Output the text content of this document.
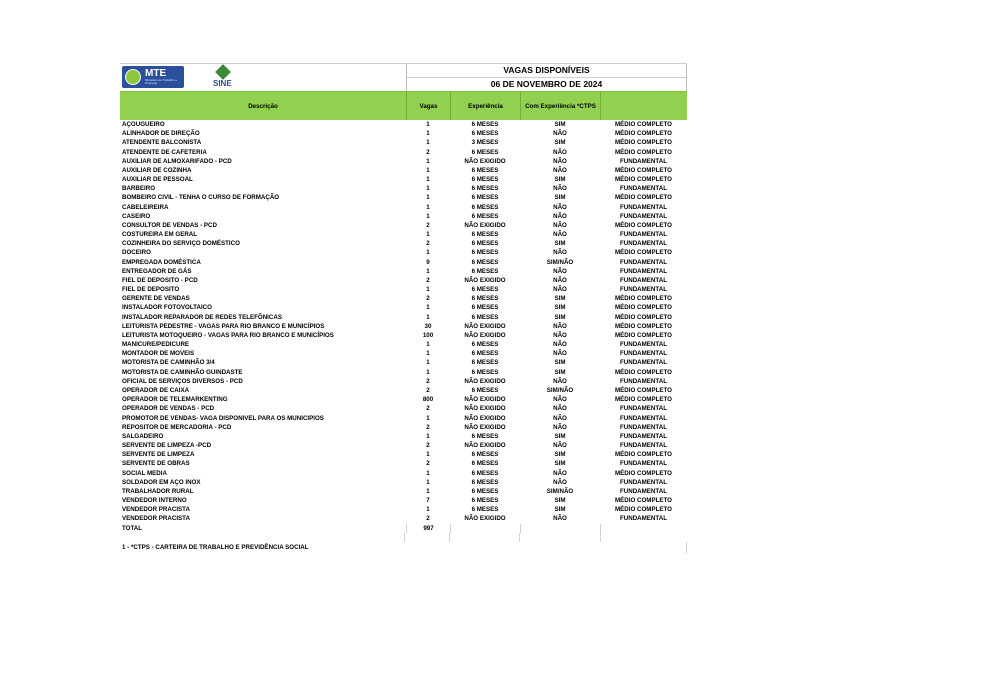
MTE
Ministério do Trabalho e Emprego	SINE
VAGAS DISPONÍVEIS
06 DE NOVEMBRO DE 2024
Descrição	Vagas	Experiência	Com Experiência *CTPS
AÇOUGUEIRO	1	6 MESES	SIM	MÉDIO COMPLETO
ALINHADOR DE DIREÇÃO	1	6 MESES	NÃO	MÉDIO COMPLETO
ATENDENTE BALCONISTA	1	3 MESES	SIM	MÉDIO COMPLETO
ATENDENTE DE CAFETERIA	2	6 MESES	NÃO	MÉDIO COMPLETO
AUXILIAR DE ALMOXARIFADO - PCD	1	NÃO EXIGIDO	NÃO	FUNDAMENTAL
AUXILIAR DE COZINHA	1	6 MESES	NÃO	MÉDIO COMPLETO
AUXILIAR DE PESSOAL	1	6 MESES	SIM	MÉDIO COMPLETO
BARBEIRO	1	6 MESES	NÃO	FUNDAMENTAL
BOMBEIRO CIVIL - TENHA O CURSO DE FORMAÇÃO	1	6 MESES	SIM	MÉDIO COMPLETO
CABELEIREIRA	1	6 MESES	NÃO	FUNDAMENTAL
CASEIRO	1	6 MESES	NÃO	FUNDAMENTAL
CONSULTOR DE VENDAS - PCD	2	NÃO EXIGIDO	NÃO	MÉDIO COMPLETO
COSTUREIRA EM GERAL	1	6 MESES	NÃO	FUNDAMENTAL
COZINHEIRA DO SERVIÇO DOMÉSTICO	2	6 MESES	SIM	FUNDAMENTAL
DOCEIRO	1	6 MESES	NÃO	MÉDIO COMPLETO
EMPREGADA DOMÉSTICA	9	6 MESES	SIM/NÃO	FUNDAMENTAL
ENTREGADOR DE GÁS	1	6 MESES	NÃO	FUNDAMENTAL
FIEL DE DEPOSITO - PCD	2	NÃO EXIGIDO	NÃO	FUNDAMENTAL
FIEL DE DEPOSITO	1	6 MESES	NÃO	FUNDAMENTAL
GERENTE DE VENDAS	2	6 MESES	SIM	MÉDIO COMPLETO
INSTALADOR FOTOVOLTAICO	1	6 MESES	SIM	MÉDIO COMPLETO
INSTALADOR REPARADOR DE REDES TELEFÔNICAS	1	6 MESES	SIM	MÉDIO COMPLETO
LEITURISTA PEDESTRE - VAGAS PARA RIO BRANCO E MUNICÍPIOS	30	NÃO EXIGIDO	NÃO	MÉDIO COMPLETO
LEITURISTA MOTOQUEIRO - VAGAS PARA RIO BRANCO E MUNICÍPIOS	100	NÃO EXIGIDO	NÃO	MÉDIO COMPLETO
MANICURE/PEDICURE	1	6 MESES	NÃO	FUNDAMENTAL
MONTADOR DE MOVEIS	1	6 MESES	NÃO	FUNDAMENTAL
MOTORISTA DE CAMINHÃO 3/4	1	6 MESES	SIM	FUNDAMENTAL
MOTORISTA DE CAMINHÃO GUINDASTE	1	6 MESES	SIM	MÉDIO COMPLETO
OFICIAL DE SERVIÇOS DIVERSOS - PCD	2	NÃO EXIGIDO	NÃO	FUNDAMENTAL
OPERADOR DE CAIXA	2	6 MESES	SIM/NÃO	MÉDIO COMPLETO
OPERADOR DE TELEMARKENTING	800	NÃO EXIGIDO	NÃO	MÉDIO COMPLETO
OPERADOR DE VENDAS - PCD	2	NÃO EXIGIDO	NÃO	FUNDAMENTAL
PROMOTOR DE VENDAS- VAGA DISPONIVEL PARA OS MUNICIPIOS	1	NÃO EXIGIDO	NÃO	FUNDAMENTAL
REPOSITOR DE MERCADORIA - PCD	2	NÃO EXIGIDO	NÃO	FUNDAMENTAL
SALGADEIRO	1	6 MESES	SIM	FUNDAMENTAL
SERVENTE DE LIMPEZA -PCD	2	NÃO EXIGIDO	NÃO	FUNDAMENTAL
SERVENTE DE LIMPEZA	1	6 MESES	SIM	MÉDIO COMPLETO
SERVENTE DE OBRAS	2	6 MESES	SIM	FUNDAMENTAL
SOCIAL MEDIA	1	6 MESES	NÃO	MÉDIO COMPLETO
SOLDADOR EM AÇO INOX	1	6 MESES	NÃO	FUNDAMENTAL
TRABALHADOR RURAL	1	6 MESES	SIM/NÃO	FUNDAMENTAL
VENDEDOR INTERNO	7	6 MESES	SIM	MÉDIO COMPLETO
VENDEDOR PRACISTA	1	6 MESES	SIM	MÉDIO COMPLETO
VENDEDOR PRACISTA	2	NÃO EXIGIDO	NÃO	FUNDAMENTAL
TOTAL	997
1 - *CTPS - CARTEIRA DE TRABALHO E PREVIDÊNCIA SOCIAL
